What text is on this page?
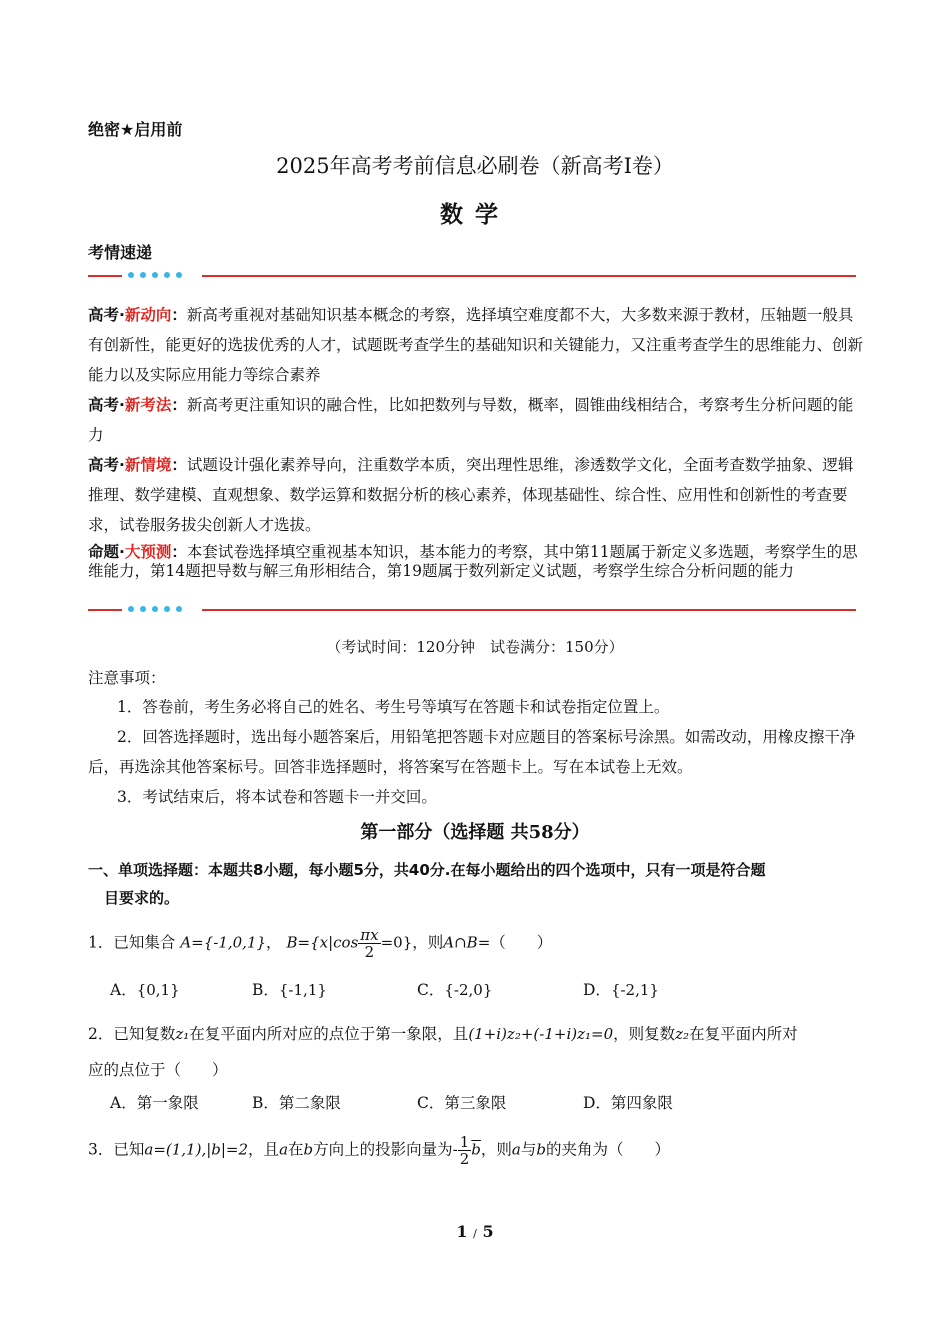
绝密★启用前
2025年高考考前信息必刷卷（新高考Ⅰ卷）
数学
考情速递
高考·新动向：新高考重视对基础知识基本概念的考察，选择填空难度都不大，大多数来源于教材，压轴题一般具有创新性，能更好的选拔优秀的人才，试题既考查学生的基础知识和关键能力，又注重考查学生的思维能力、创新能力以及实际应用能力等综合素养
高考·新考法：新高考更注重知识的融合性，比如把数列与导数，概率，圆锥曲线相结合，考察考生分析问题的能力
高考·新情境：试题设计强化素养导向，注重数学本质，突出理性思维，渗透数学文化，全面考查数学抽象、逻辑推理、数学建模、直观想象、数学运算和数据分析的核心素养，体现基础性、综合性、应用性和创新性的考查要求，试卷服务拔尖创新人才选拔。
命题·大预测：本套试卷选择填空重视基本知识，基本能力的考察，其中第11题属于新定义多选题，考察学生的思维能力，第14题把导数与解三角形相结合，第19题属于数列新定义试题，考察学生综合分析问题的能力
（考试时间：120分钟　试卷满分：150分）
注意事项：
1．答卷前，考生务必将自己的姓名、考生号等填写在答题卡和试卷指定位置上。
2．回答选择题时，选出每小题答案后，用铅笔把答题卡对应题目的答案标号涂黑。如需改动，用橡皮擦干净后，再选涂其他答案标号。回答非选择题时，将答案写在答题卡上。写在本试卷上无效。
3．考试结束后，将本试卷和答题卡一并交回。
第一部分（选择题 共58分）
一、单项选择题：本题共8小题，每小题5分，共40分.在每小题给出的四个选项中，只有一项是符合题
目要求的。
1．已知集合 A={-1,0,1}， $B=\{x|\cos \frac{\pi x}{2} =0\}$，则A∩B=（　　）
A．{0,1}	B．{-1,1}	C．{-2,0}	D．{-2,1}
2．已知复数z₁在复平面内所对应的点位于第一象限，且(1+i)z₂+(-1+i)z₁=0，则复数z₂在复平面内所对
应的点位于（　　）
A．第一象限	B．第二象限	C．第三象限	D．第四象限
3．已知a=(1,1),|b|=2，且a在b方向上的投影向量为- $\frac{1}{2} \overline{b}$，则a与b的夹角为（　　）
1 / 5
